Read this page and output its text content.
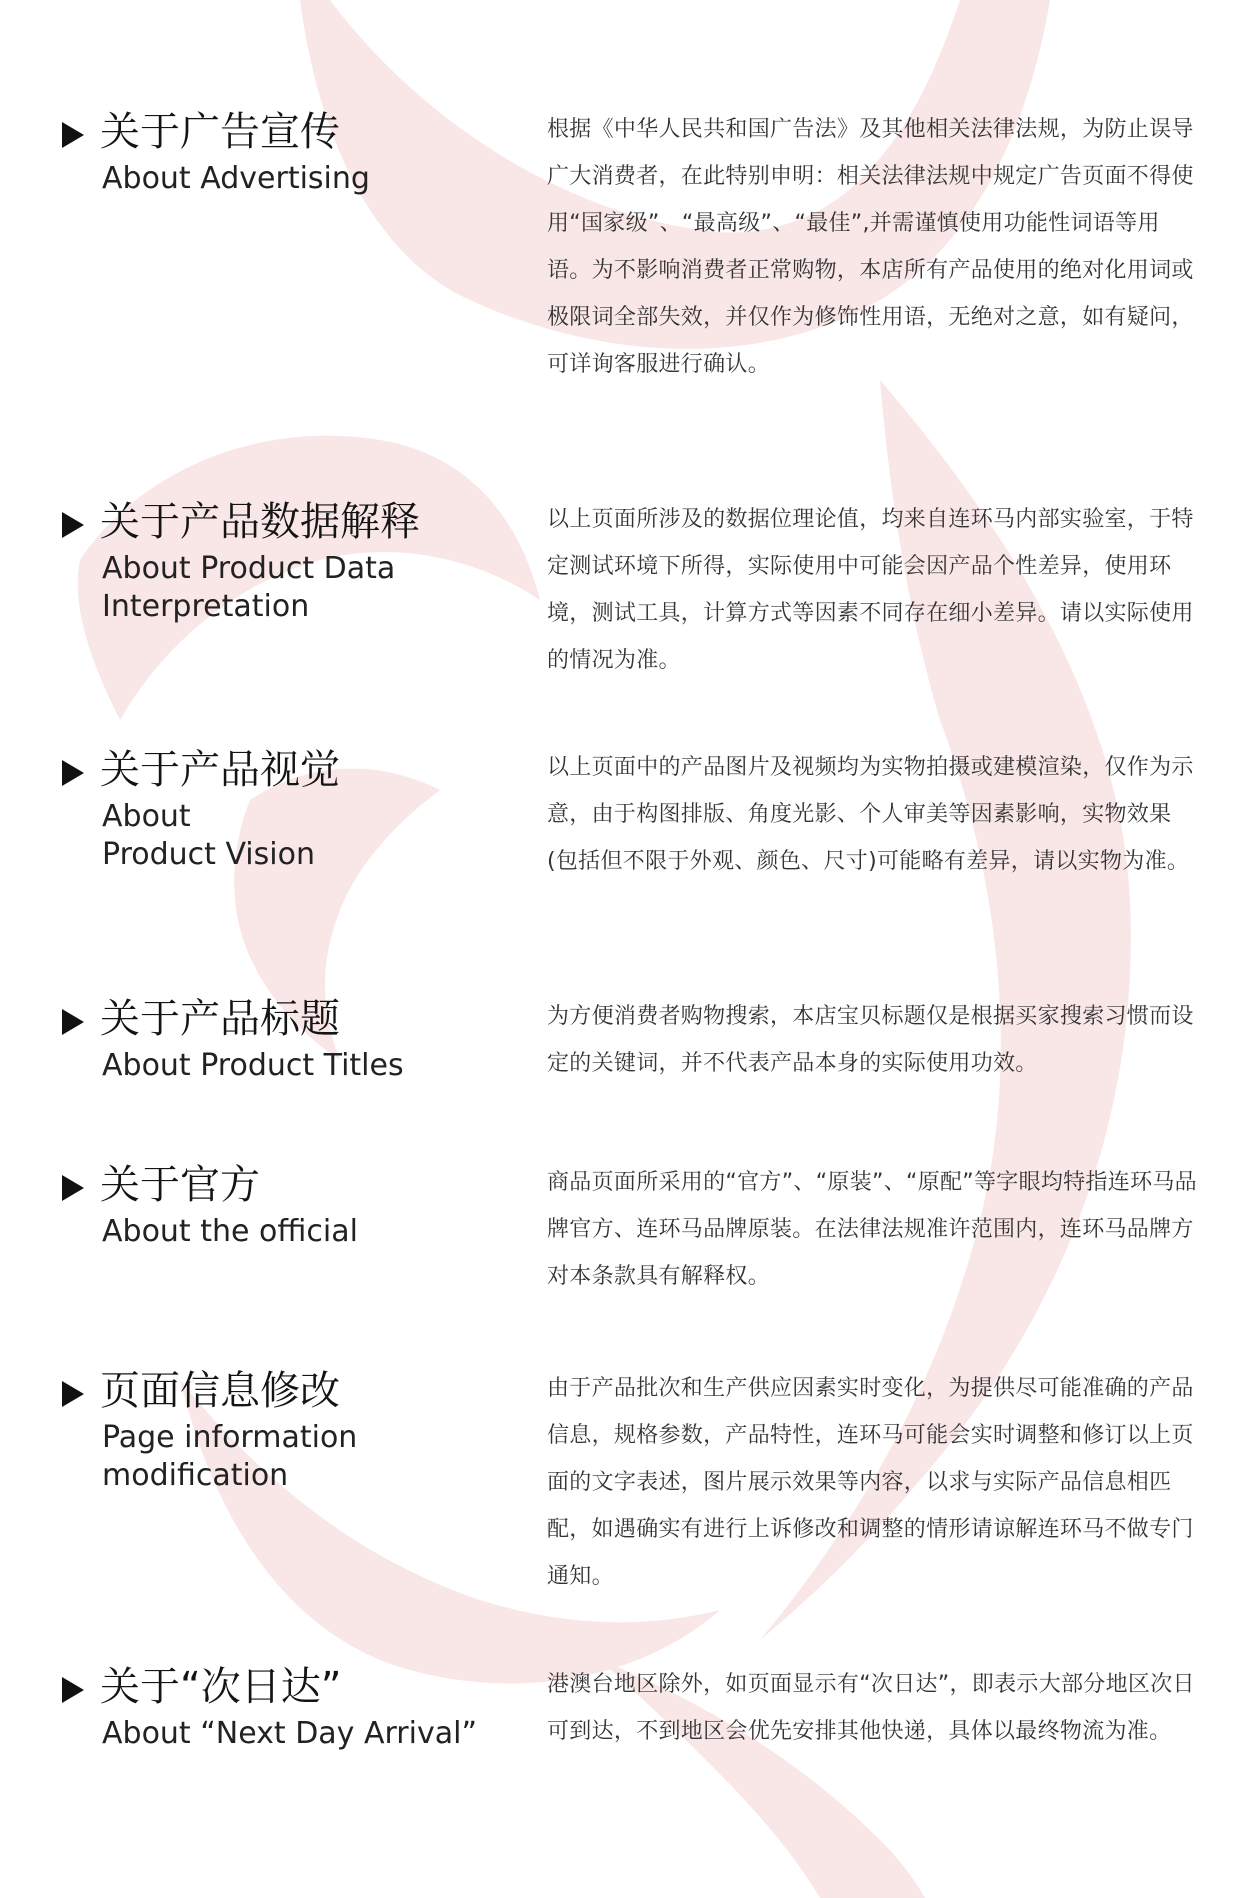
关于广告宣传

About Advertising

根据《中华人民共和国广告法》及其他相关法律法规，为防止误导广大消费者，在此特别申明：相关法律法规中规定广告页面不得使用“国家级”、“最高级”、“最佳”,并需谨慎使用功能性词语等用语。为不影响消费者正常购物，本店所有产品使用的绝对化用词或极限词全部失效，并仅作为修饰性用语，无绝对之意，如有疑问，可详询客服进行确认。

关于产品数据解释

About Product Data
Interpretation

以上页面所涉及的数据位理论值，均来自连环马内部实验室，于特定测试环境下所得，实际使用中可能会因产品个性差异，使用环境，测试工具，计算方式等因素不同存在细小差异。请以实际使用的情况为准。

关于产品视觉

About
Product Vision

以上页面中的产品图片及视频均为实物拍摄或建模渲染，仅作为示意，由于构图排版、角度光影、个人审美等因素影响，实物效果(包括但不限于外观、颜色、尺寸)可能略有差异，请以实物为准。

关于产品标题

About Product Titles

为方便消费者购物搜索，本店宝贝标题仅是根据买家搜索习惯而设定的关键词，并不代表产品本身的实际使用功效。

关于官方

About the official

商品页面所采用的“官方”、“原装”、“原配”等字眼均特指连环马品牌官方、连环马品牌原装。在法律法规准许范围内，连环马品牌方对本条款具有解释权。

页面信息修改

Page information
modification

由于产品批次和生产供应因素实时变化，为提供尽可能准确的产品信息，规格参数，产品特性，连环马可能会实时调整和修订以上页面的文字表述，图片展示效果等内容，以求与实际产品信息相匹配，如遇确实有进行上诉修改和调整的情形请谅解连环马不做专门通知。

关于“次日达”

About “Next Day Arrival”

港澳台地区除外，如页面显示有“次日达”，即表示大部分地区次日可到达，不到地区会优先安排其他快递，具体以最终物流为准。
